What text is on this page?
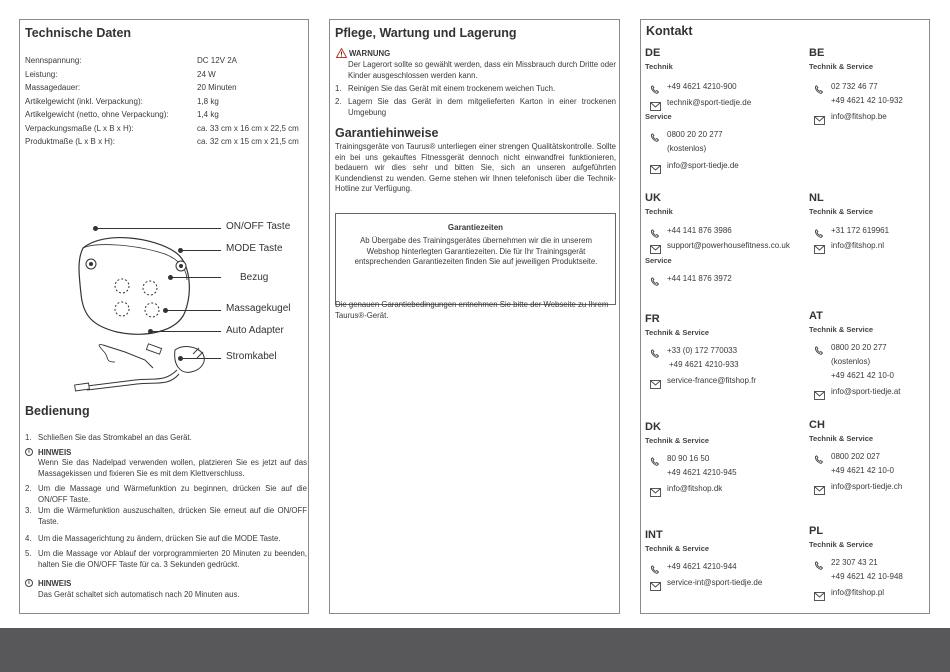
Technische Daten
Nennspannung:	DC 12V 2A
Leistung:	24 W
Massagedauer:	20 Minuten
Artikelgewicht (inkl. Verpackung):	1,8 kg
Artikelgewicht (netto, ohne Verpackung):	1,4 kg
Verpackungsmaße (L x B x H):	ca. 33 cm x 16 cm x 22,5 cm
Produktmaße (L x B x H):	ca. 32 cm x 15 cm x 21,5 cm
ON/OFF Taste
MODE Taste
Bezug
Massagekugel
Auto Adapter
Stromkabel
Bedienung
1. Schließen Sie das Stromkabel an das Gerät.
i	HINWEIS
Wenn Sie das Nadelpad verwenden wollen, platzieren Sie es jetzt auf das Massagekissen und fixieren Sie es mit dem Klettverschluss.
2. Um die Massage und Wärmefunktion zu beginnen, drücken Sie auf die ON/OFF Taste.
3. Um die Wärmefunktion auszuschalten, drücken Sie erneut auf die ON/OFF Taste.
4. Um die Massagerichtung zu ändern, drücken Sie auf die MODE Taste.
5. Um die Massage vor Ablauf der vorprogrammierten 20 Minuten zu beenden, halten Sie die ON/OFF Taste für ca. 3 Sekunden gedrückt.
i	HINWEIS
Das Gerät schaltet sich automatisch nach 20 Minuten aus.
Pflege, Wartung und Lagerung
WARNUNG
Der Lagerort sollte so gewählt werden, dass ein Missbrauch durch Dritte oder Kinder ausgeschlossen werden kann.
1. Reinigen Sie das Gerät mit einem trockenem weichen Tuch.
2. Lagern Sie das Gerät in dem mitgelieferten Karton in einer trockenen Umgebung
Garantiehinweise
Trainingsgeräte von Taurus® unterliegen einer strengen Qualitätskontrolle. Sollte ein bei uns gekauftes Fitnessgerät dennoch nicht einwandfrei funktionieren, bedauern wir dies sehr und bitten Sie, sich an unseren aufgeführten Kundendienst zu wenden. Gerne stehen wir Ihnen telefonisch über die Technik-Hotline zur Verfügung.
Garantiezeiten
Ab Übergabe des Trainingsgerätes übernehmen wir die in unserem Webshop hinterlegten Garantiezeiten. Die für Ihr Trainingsgerät entsprechenden Garantiezeiten finden Sie auf jeweiligen Produktseite.
Die genauen Garantiebedingungen entnehmen Sie bitte der Webseite zu Ihrem Taurus®-Gerät.
Kontakt
DE
Technik
+49 4621 4210-900
technik@sport-tiedje.de
Service
0800 20 20 277
(kostenlos)
info@sport-tiedje.de
BE
Technik & Service
02 732 46 77
+49 4621 42 10-932
info@fitshop.be
UK
Technik
+44 141 876 3986
support@powerhousefitness.co.uk
Service
+44 141 876 3972
NL
Technik & Service
+31 172 619961
info@fitshop.nl
FR
Technik & Service
+33 (0) 172 770033
+49 4621 4210-933
service-france@fitshop.fr
AT
Technik & Service
0800 20 20 277
(kostenlos)
+49 4621 42 10-0
info@sport-tiedje.at
DK
Technik & Service
80 90 16 50
+49 4621 4210-945
info@fitshop.dk
CH
Technik & Service
0800 202 027
+49 4621 42 10-0
info@sport-tiedje.ch
INT
Technik & Service
+49 4621 4210-944
service-int@sport-tiedje.de
PL
Technik & Service
22 307 43 21
+49 4621 42 10-948
info@fitshop.pl
